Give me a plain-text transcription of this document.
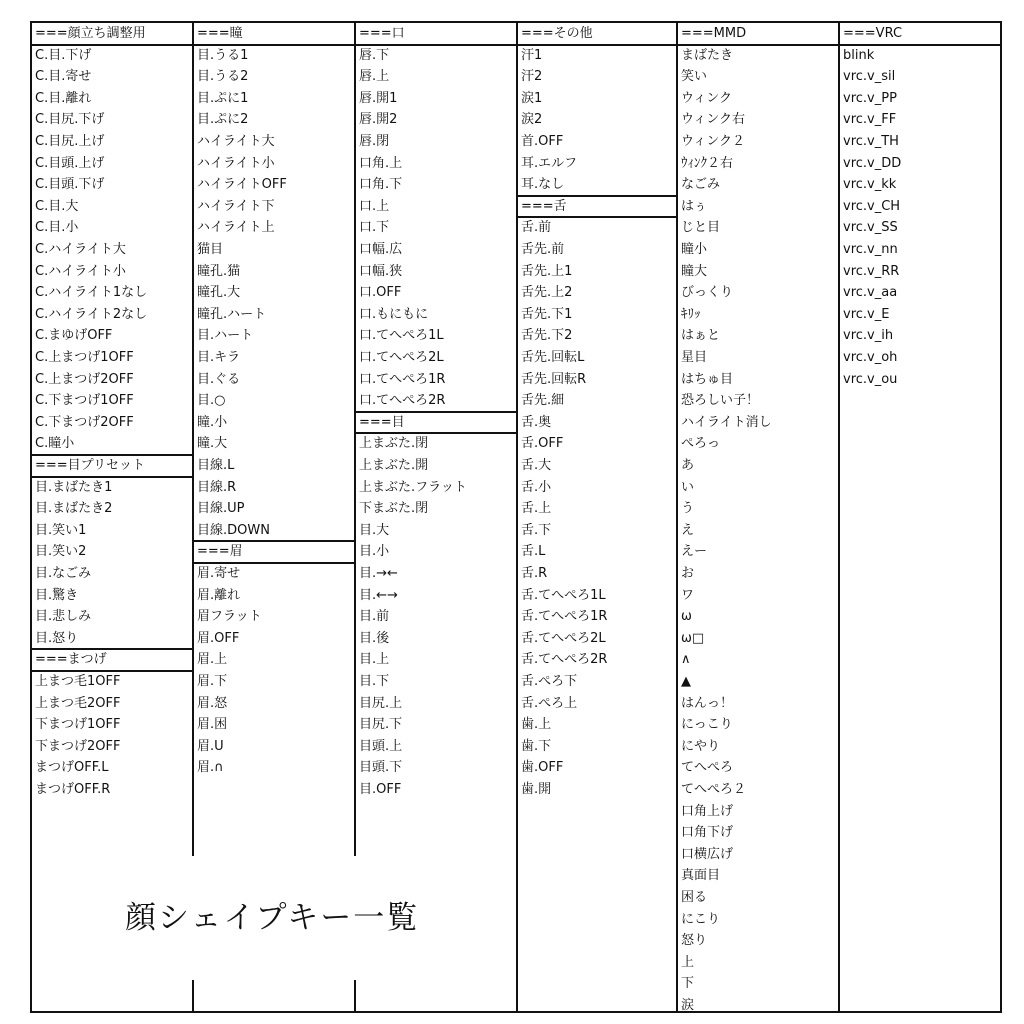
===顔立ち調整用
C.目.下げ
C.目.寄せ
C.目.離れ
C.目尻.下げ
C.目尻.上げ
C.目頭.上げ
C.目頭.下げ
C.目.大
C.目.小
C.ハイライト大
C.ハイライト小
C.ハイライト1なし
C.ハイライト2なし
C.まゆげOFF
C.上まつげ1OFF
C.上まつげ2OFF
C.下まつげ1OFF
C.下まつげ2OFF
C.瞳小
===目プリセット
目.まばたき1
目.まばたき2
目.笑い1
目.笑い2
目.なごみ
目.驚き
目.悲しみ
目.怒り
===まつげ
上まつ毛1OFF
上まつ毛2OFF
下まつげ1OFF
下まつげ2OFF
まつげOFF.L
まつげOFF.R
===瞳
目.うる1
目.うる2
目.ぷに1
目.ぷに2
ハイライト大
ハイライト小
ハイライトOFF
ハイライト下
ハイライト上
猫目
瞳孔.猫
瞳孔.大
瞳孔.ハート
目.ハート
目.キラ
目.ぐる
目.○
瞳.小
瞳.大
目線.L
目線.R
目線.UP
目線.DOWN
===眉
眉.寄せ
眉.離れ
眉フラット
眉.OFF
眉.上
眉.下
眉.怒
眉.困
眉.U
眉.∩
===口
唇.下
唇.上
唇.開1
唇.開2
唇.閉
口角.上
口角.下
口.上
口.下
口幅.広
口幅.狭
口.OFF
口.もにもに
口.てへぺろ1L
口.てへぺろ2L
口.てへぺろ1R
口.てへぺろ2R
===目
上まぶた.閉
上まぶた.開
上まぶた.フラット
下まぶた.閉
目.大
目.小
目.→←
目.←→
目.前
目.後
目.上
目.下
目尻.上
目尻.下
目頭.上
目頭.下
目.OFF
===その他
汗1
汗2
涙1
涙2
首.OFF
耳.エルフ
耳.なし
===舌
舌.前
舌先.前
舌先.上1
舌先.上2
舌先.下1
舌先.下2
舌先.回転L
舌先.回転R
舌先.細
舌.奥
舌.OFF
舌.大
舌.小
舌.上
舌.下
舌.L
舌.R
舌.てへぺろ1L
舌.てへぺろ1R
舌.てへぺろ2L
舌.てへぺろ2R
舌.ぺろ下
舌.ぺろ上
歯.上
歯.下
歯.OFF
歯.開
===MMD
まばたき
笑い
ウィンク
ウィンク右
ウィンク２
ｳｨﾝｸ２右
なごみ
はぅ
じと目
瞳小
瞳大
びっくり
ｷﾘｯ
はぁと
星目
はちゅ目
恐ろしい子！
ハイライト消し
ぺろっ
あ
い
う
え
えー
お
ワ
ω
ω□
∧
▲
はんっ！
にっこり
にやり
てへぺろ
てへぺろ２
口角上げ
口角下げ
口横広げ
真面目
困る
にこり
怒り
上
下
涙
===VRC
blink
vrc.v_sil
vrc.v_PP
vrc.v_FF
vrc.v_TH
vrc.v_DD
vrc.v_kk
vrc.v_CH
vrc.v_SS
vrc.v_nn
vrc.v_RR
vrc.v_aa
vrc.v_E
vrc.v_ih
vrc.v_oh
vrc.v_ou
顔シェイプキー一覧
